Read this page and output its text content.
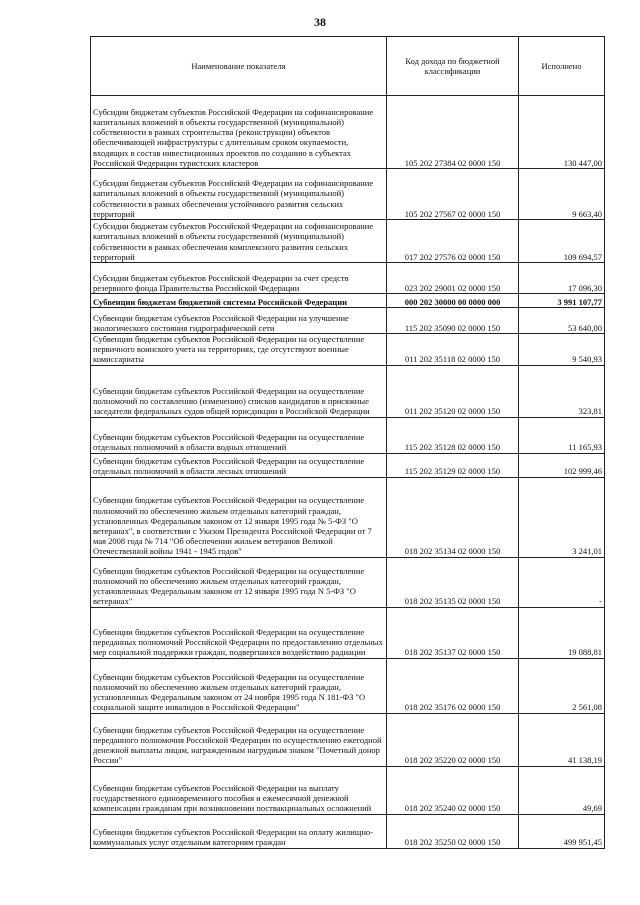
38
Наименование показателя	Код дохода по бюджетной классификации	Исполнено
Субсидии бюджетам субъектов Российской Федерации на софинансирование капитальных вложений в объекты государственной (муниципальной) собственности в рамках строительства (реконструкции) объектов обеспечивающей инфраструктуры с длительным сроком окупаемости, входящих в состав инвестиционных проектов по созданию в субъектах Российской Федерации туристских кластеров	105 202 27384 02 0000 150	130 447,00
Субсидии бюджетам субъектов Российской Федерации на софинансирование капитальных вложений в объекты государственной (муниципальной) собственности в рамках обеспечения устойчивого развития сельских территорий	105 202 27567 02 0000 150	9 663,40
Субсидии бюджетам субъектов Российской Федерации на софинансирование капитальных вложений в объекты государственной (муниципальной) собственности в рамках обеспечения комплексного развития сельских территорий	017 202 27576 02 0000 150	109 694,57
Субсидии бюджетам субъектов Российской Федерации за счет средств резервного фонда Правительства Российской Федерации	023 202 29001 02 0000 150	17 096,30
Субвенции бюджетам бюджетной системы Российской Федерации	000 202 30000 00 0000 000	3 991 107,77
Субвенции бюджетам субъектов Российской Федерации на улучшение экологического состояния гидрографической сети	115 202 35090 02 0000 150	53 640,00
Субвенции бюджетам субъектов Российской Федерации на осуществление первичного воинского учета на территориях, где отсутствуют военные комиссариаты	011 202 35118 02 0000 150	9 540,93
Субвенции бюджетам субъектов Российской Федерации на осуществление полномочий по составлению (изменению) списков кандидатов в присяжные заседатели федеральных судов общей юрисдикции в Российской Федерации	011 202 35120 02 0000 150	323,81
Субвенции бюджетам субъектов Российской Федерации на осуществление отдельных полномочий в области водных отношений	115 202 35128 02 0000 150	11 165,93
Субвенции бюджетам субъектов Российской Федерации на осуществление отдельных полномочий в области лесных отношений	115 202 35129 02 0000 150	102 999,46
Субвенции бюджетам субъектов Российской Федерации на осуществление полномочий по обеспечению жильем отдельных категорий граждан, установленных Федеральным законом от 12 января 1995 года № 5-ФЗ "О ветеранах", в соответствии с Указом Президента Российской Федерации от 7 мая 2008 года № 714 "Об обеспечении жильем ветеранов Великой Отечественной войны 1941 - 1945 годов"	018 202 35134 02 0000 150	3 241,01
Субвенции бюджетам субъектов Российской Федерации на осуществление полномочий по обеспечению жильем отдельных категорий граждан, установленных Федеральным законом от 12 января 1995 года N 5-ФЗ "О ветеранах"	018 202 35135 02 0000 150	-
Субвенции бюджетам субъектов Российской Федерации на осуществление переданных полномочий Российской Федерации по предоставлению отдельных мер социальной поддержки граждан, подвергшихся воздействию радиации	018 202 35137 02 0000 150	19 088,81
Субвенции бюджетам субъектов Российской Федерации на осуществление полномочий по обеспечению жильем отдельных категорий граждан, установленных Федеральным законом от 24 ноября 1995 года N 181-ФЗ "О социальной защите инвалидов в Российской Федерации"	018 202 35176 02 0000 150	2 561,08
Субвенции бюджетам субъектов Российской Федерации на осуществление переданного полномочия Российской Федерации по осуществлению ежегодной денежной выплаты лицам, награжденным нагрудным знаком "Почетный донор России"	018 202 35220 02 0000 150	41 138,19
Субвенции бюджетам субъектов Российской Федерации на выплату государственного единовременного пособия и ежемесячной денежной компенсации гражданам при возникновении поствакцинальных осложнений	018 202 35240 02 0000 150	49,69
Субвенции бюджетам субъектов Российской Федерации на оплату жилищно-коммунальных услуг отдельным категориям граждан	018 202 35250 02 0000 150	499 951,45
